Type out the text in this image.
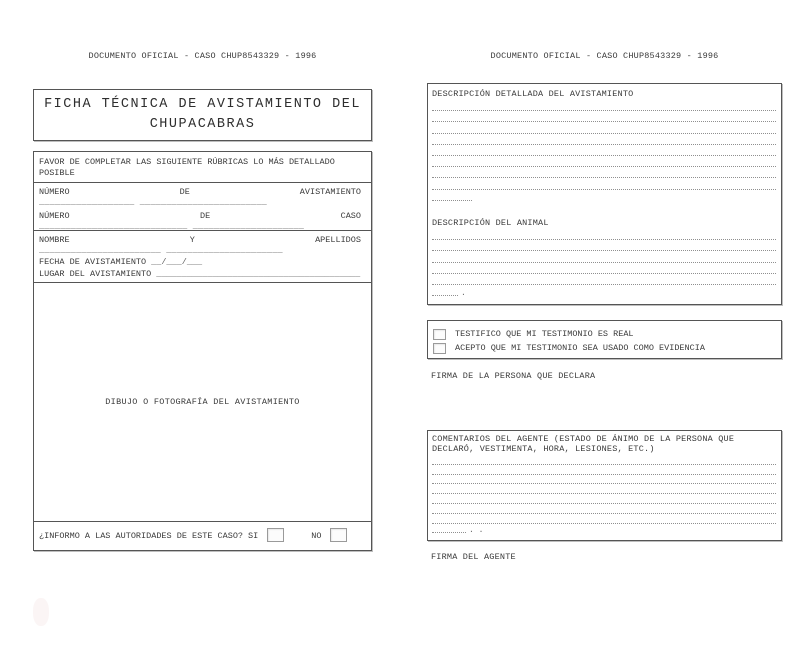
DOCUMENTO OFICIAL - CASO CHUP8543329 - 1996	DOCUMENTO OFICIAL - CASO CHUP8543329 - 1996
FICHA TÉCNICA DE AVISTAMIENTO DEL
CHUPACABRAS
FAVOR DE COMPLETAR LAS SIGUIENTE RÚBRICAS LO MÁS DETALLADO
POSIBLE
NÚMERO	DE	AVISTAMIENTO
__________________ ________________________
NÚMERO	DE	CASO
____________________________ _____________________
NOMBRE	Y	APELLIDOS
_______________________ ______________________
FECHA DE AVISTAMIENTO __/___/___
LUGAR DEL AVISTAMIENTO ________________________________________
DIBUJO O FOTOGRAFÍA DEL AVISTAMIENTO
¿INFORMO A LAS AUTORIDADES DE ESTE CASO? SI	NO
DESCRIPCIÓN DETALLADA DEL AVISTAMIENTO
DESCRIPCIÓN DEL ANIMAL
.
TESTIFICO QUE MI TESTIMONIO ES REAL
ACEPTO QUE MI TESTIMONIO SEA USADO COMO EVIDENCIA
FIRMA DE LA PERSONA QUE DECLARA
COMENTARIOS DEL AGENTE (ESTADO DE ÁNIMO DE LA PERSONA QUE
DECLARÓ, VESTIMENTA, HORA, LESIONES, ETC.)
. .
FIRMA DEL AGENTE
